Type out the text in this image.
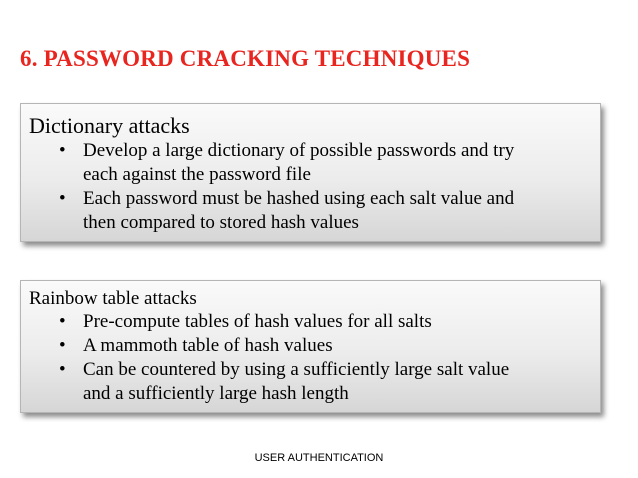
6. PASSWORD CRACKING TECHNIQUES
Dictionary attacks
• Develop a large dictionary of possible passwords and try
each against the password file
• Each password must be hashed using each salt value and
then compared to stored hash values
Rainbow table attacks
• Pre-compute tables of hash values for all salts
• A mammoth table of hash values
• Can be countered by using a sufficiently large salt value
and a sufficiently large hash length
USER AUTHENTICATION
